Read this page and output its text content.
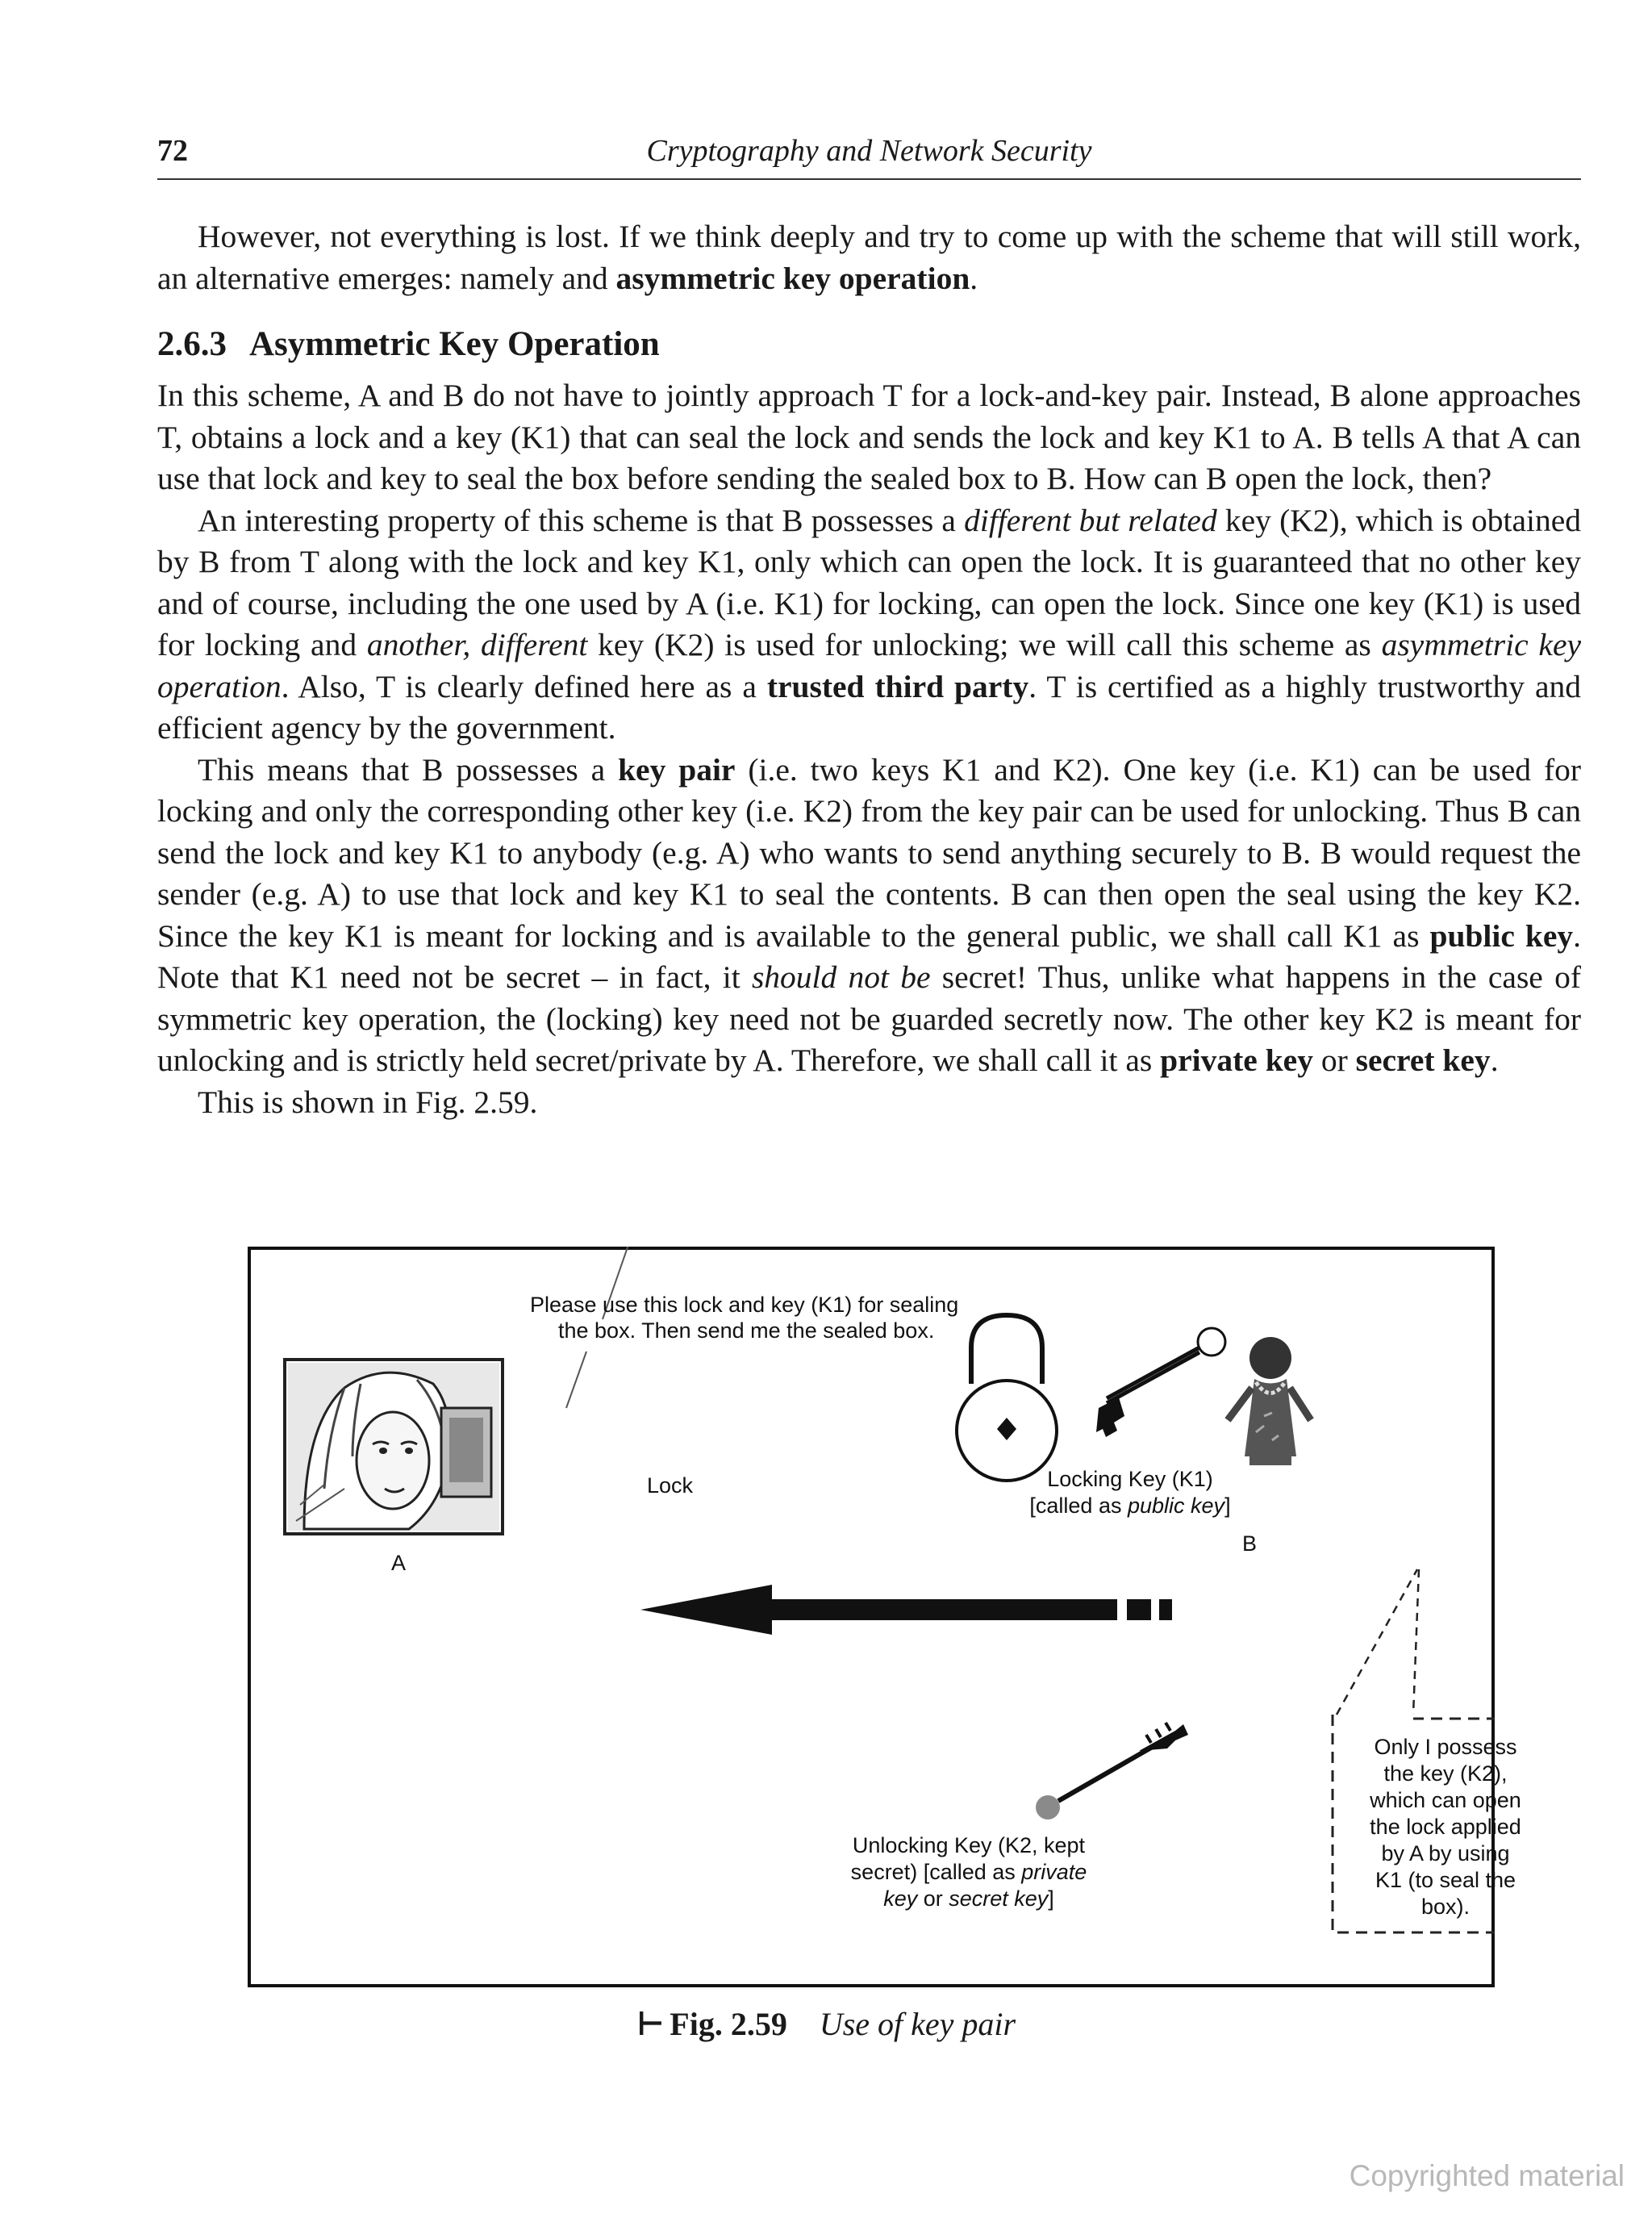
72	Cryptography and Network Security

However, not everything is lost. If we think deeply and try to come up with the scheme that will still work, an alternative emerges: namely and asymmetric key operation.

2.6.3 Asymmetric Key Operation

In this scheme, A and B do not have to jointly approach T for a lock-and-key pair. Instead, B alone approaches T, obtains a lock and a key (K1) that can seal the lock and sends the lock and key K1 to A. B tells A that A can use that lock and key to seal the box before sending the sealed box to B. How can B open the lock, then?

An interesting property of this scheme is that B possesses a different but related key (K2), which is obtained by B from T along with the lock and key K1, only which can open the lock. It is guaranteed that no other key and of course, including the one used by A (i.e. K1) for locking, can open the lock. Since one key (K1) is used for locking and another, different key (K2) is used for unlocking; we will call this scheme as asymmetric key operation. Also, T is clearly defined here as a trusted third party. T is certified as a highly trustworthy and efficient agency by the government.

This means that B possesses a key pair (i.e. two keys K1 and K2). One key (i.e. K1) can be used for locking and only the corresponding other key (i.e. K2) from the key pair can be used for unlocking. Thus B can send the lock and key K1 to anybody (e.g. A) who wants to send anything securely to B. B would request the sender (e.g. A) to use that lock and key K1 to seal the contents. B can then open the seal using the key K2. Since the key K1 is meant for locking and is available to the general public, we shall call K1 as public key. Note that K1 need not be secret – in fact, it should not be secret! Thus, unlike what happens in the case of symmetric key operation, the (locking) key need not be guarded secretly now. The other key K2 is meant for unlocking and is strictly held secret/private by A. Therefore, we shall call it as private key or secret key.

This is shown in Fig. 2.59.

Please use this lock and key (K1) for sealing
the box. Then send me the sealed box.
A
B
Lock	Locking Key (K1)
[called as public key]
Unlocking Key (K2, kept
secret) [called as private
key or secret key]
Only I possess
the key (K2),
which can open
the lock applied
by A by using
K1 (to seal the
box).
⊢ Fig. 2.59 Use of key pair
Copyrighted material
